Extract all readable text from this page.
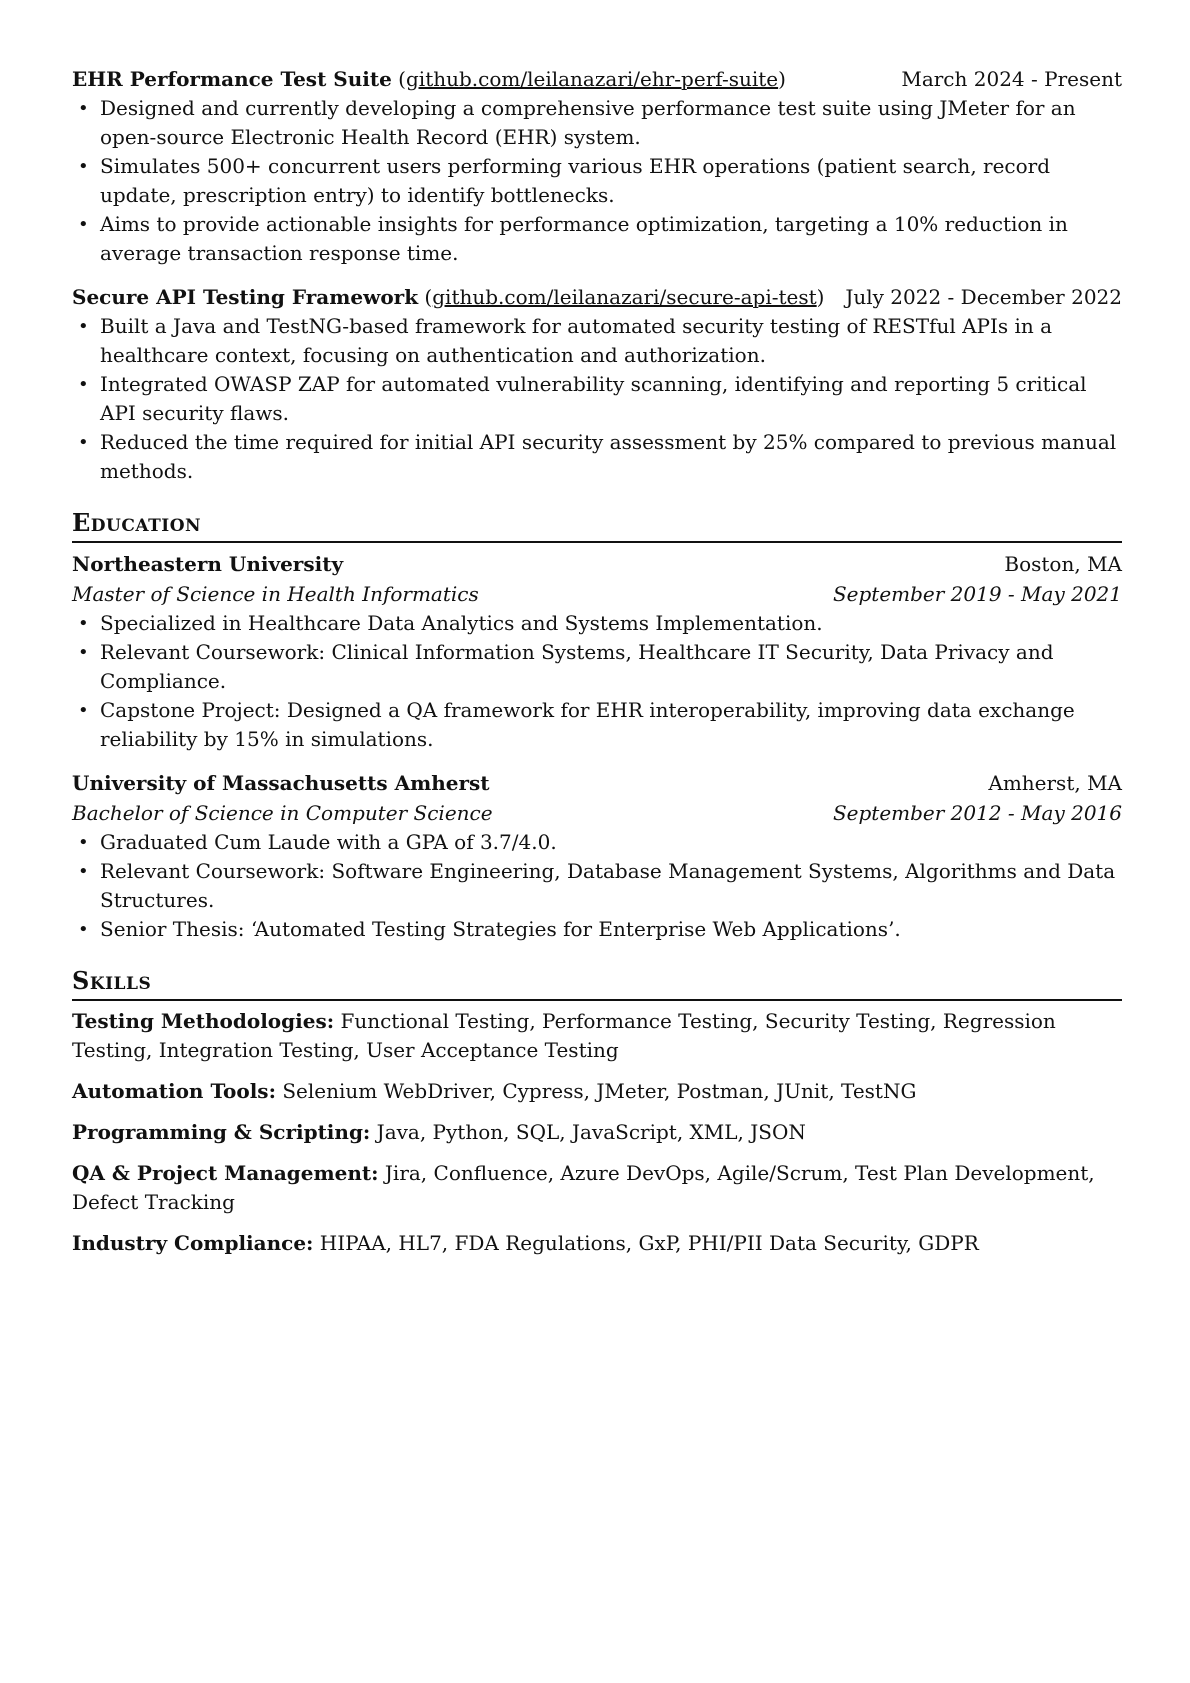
EHR Performance Test Suite (github.com/leilanazari/ehr-perf-suite)	March 2024 - Present
• Designed and currently developing a comprehensive performance test suite using JMeter for an open-source Electronic Health Record (EHR) system.
• Simulates 500+ concurrent users performing various EHR operations (patient search, record update, prescription entry) to identify bottlenecks.
• Aims to provide actionable insights for performance optimization, targeting a 10% reduction in average transaction response time.
Secure API Testing Framework (github.com/leilanazari/secure-api-test) July 2022 - December 2022
• Built a Java and TestNG-based framework for automated security testing of RESTful APIs in a healthcare context, focusing on authentication and authorization.
• Integrated OWASP ZAP for automated vulnerability scanning, identifying and reporting 5 critical API security flaws.
• Reduced the time required for initial API security assessment by 25% compared to previous manual methods.
Education
Northeastern University	Boston, MA
Master of Science in Health Informatics	September 2019 - May 2021
• Specialized in Healthcare Data Analytics and Systems Implementation.
• Relevant Coursework: Clinical Information Systems, Healthcare IT Security, Data Privacy and Compliance.
• Capstone Project: Designed a QA framework for EHR interoperability, improving data exchange reliability by 15% in simulations.
University of Massachusetts Amherst	Amherst, MA
Bachelor of Science in Computer Science	September 2012 - May 2016
• Graduated Cum Laude with a GPA of 3.7/4.0.
• Relevant Coursework: Software Engineering, Database Management Systems, Algorithms and Data Structures.
• Senior Thesis: ‘Automated Testing Strategies for Enterprise Web Applications’.
Skills
Testing Methodologies: Functional Testing, Performance Testing, Security Testing, Regression Testing, Integration Testing, User Acceptance Testing
Automation Tools: Selenium WebDriver, Cypress, JMeter, Postman, JUnit, TestNG
Programming & Scripting: Java, Python, SQL, JavaScript, XML, JSON
QA & Project Management: Jira, Confluence, Azure DevOps, Agile/Scrum, Test Plan Development, Defect Tracking
Industry Compliance: HIPAA, HL7, FDA Regulations, GxP, PHI/PII Data Security, GDPR
